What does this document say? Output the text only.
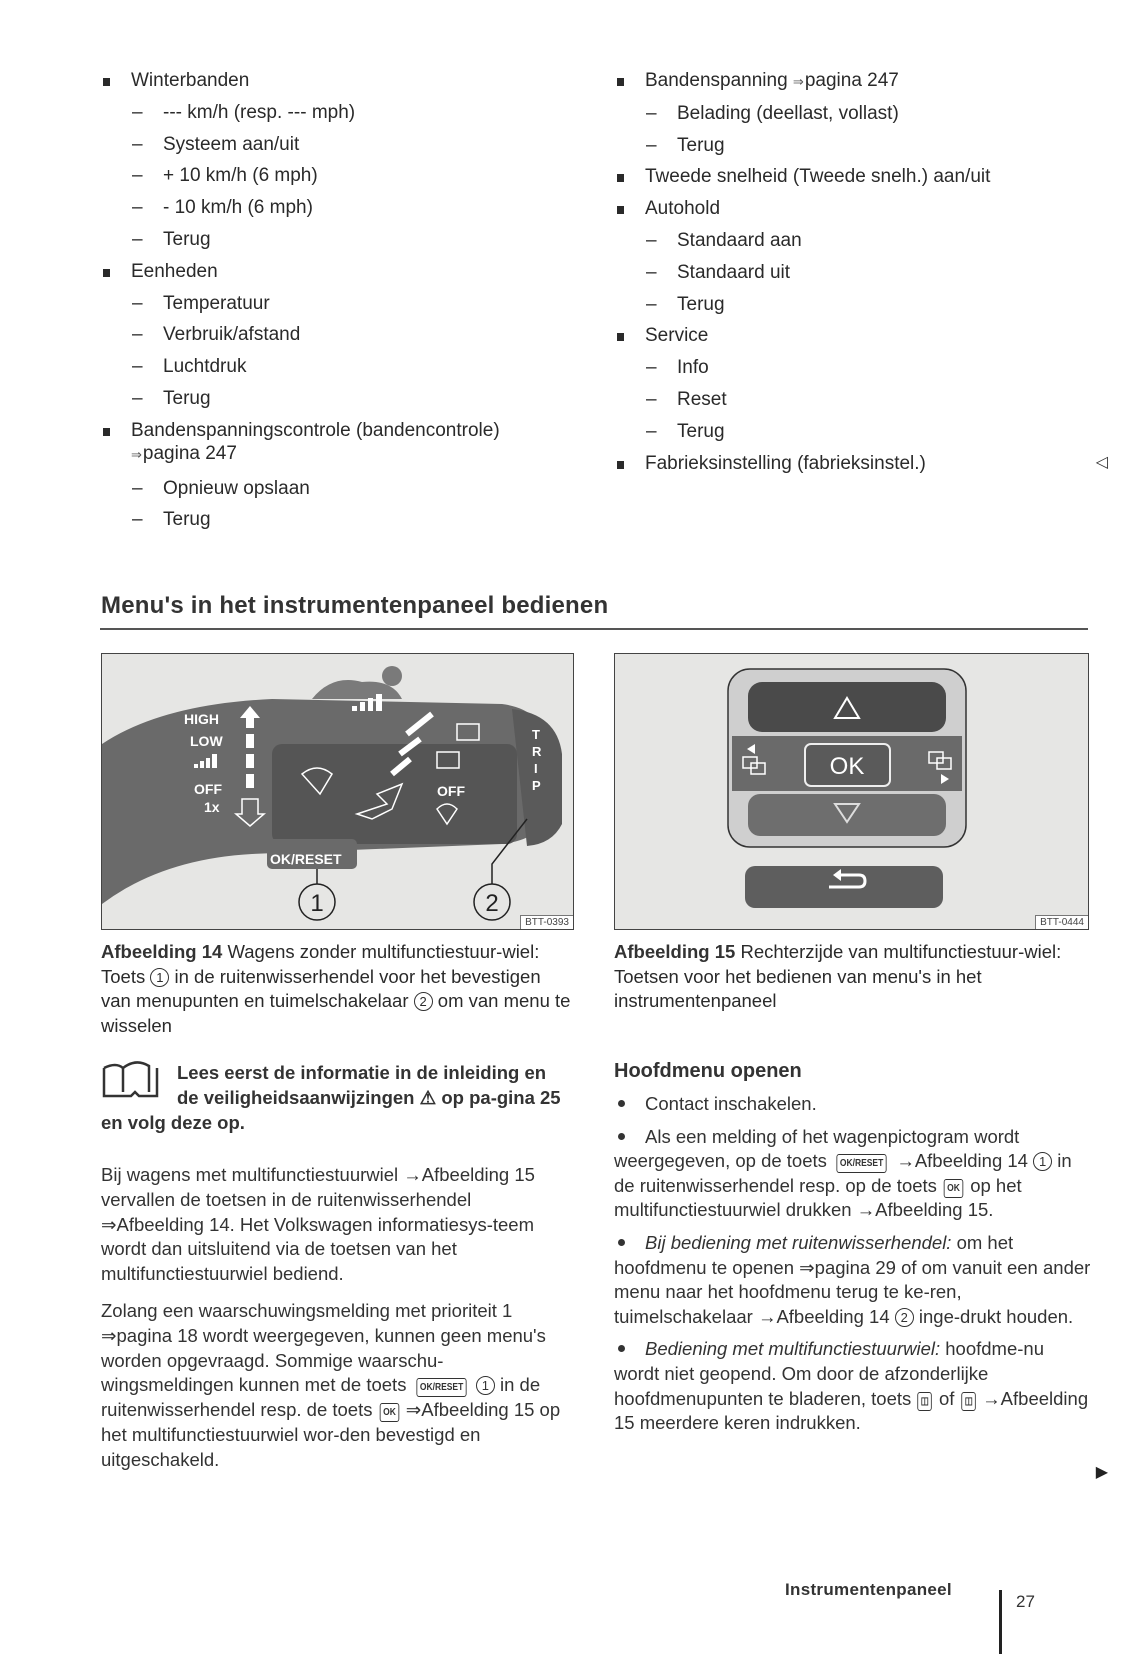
Winterbanden
– --- km/h (resp. --- mph)
– Systeem aan/uit
– + 10 km/h (6 mph)
– - 10 km/h (6 mph)
– Terug
Eenheden
– Temperatuur
– Verbruik/afstand
– Luchtdruk
– Terug
Bandenspanningscontrole (bandencontrole)
⇒ pagina 247
– Opnieuw opslaan
– Terug
Bandenspanning ⇒ pagina 247
– Belading (deellast, vollast)
– Terug
Tweede snelheid (Tweede snelh.) aan/uit
Autohold
– Standaard aan
– Standaard uit
– Terug
Service
– Info
– Reset
– Terug
Fabrieksinstelling (fabrieksinstel.)	◁
Menu's in het instrumentenpaneel bedienen
HIGH
LOW
OFF
1x
OK/RESET
OFF
T
R
I
P
1	2
BTT-0393
OK
BTT-0444
Afbeelding 14 Wagens zonder multifunctiestuur-wiel: Toets 1 in de ruitenwisserhendel voor het bevestigen van menupunten en tuimelschakelaar 2 om van menu te wisselen
Afbeelding 15 Rechterzijde van multifunctiestuur-wiel: Toetsen voor het bedienen van menu's in het instrumentenpaneel
Lees eerst de informatie in de inleiding en de veiligheidsaanwijzingen ⚠ op pa-gina 25 en volg deze op.
Bij wagens met multifunctiestuurwiel →Afbeelding 15 vervallen de toetsen in de ruitenwisserhendel ⇒Afbeelding 14. Het Volkswagen informatiesys-teem wordt dan uitsluitend via de toetsen van het multifunctiestuurwiel bediend.
Zolang een waarschuwingsmelding met prioriteit 1 ⇒pagina 18 wordt weergegeven, kunnen geen menu's worden opgevraagd. Sommige waarschu-wingsmeldingen kunnen met de toets OK/RESET 1 in de ruitenwisserhendel resp. de toets OK ⇒Afbeelding 15 op het multifunctiestuurwiel wor-den bevestigd en uitgeschakeld.
Hoofdmenu openen
Contact inschakelen.
Als een melding of het wagenpictogram wordt weergegeven, op de toets OK/RESET →Afbeelding 14 1 in de ruitenwisserhendel resp. op de toets OK op het multifunctiestuurwiel drukken →Afbeelding 15.
Bij bediening met ruitenwisserhendel: om het hoofdmenu te openen ⇒pagina 29 of om vanuit een ander menu naar het hoofdmenu terug te ke-ren, tuimelschakelaar →Afbeelding 14 2 inge-drukt houden.
Bediening met multifunctiestuurwiel: hoofdme-nu wordt niet geopend. Om door de afzonderlijke hoofdmenupunten te bladeren, toets ◫ of ◫ →Afbeelding 15 meerdere keren indrukken.
▶
Instrumentenpaneel
27
